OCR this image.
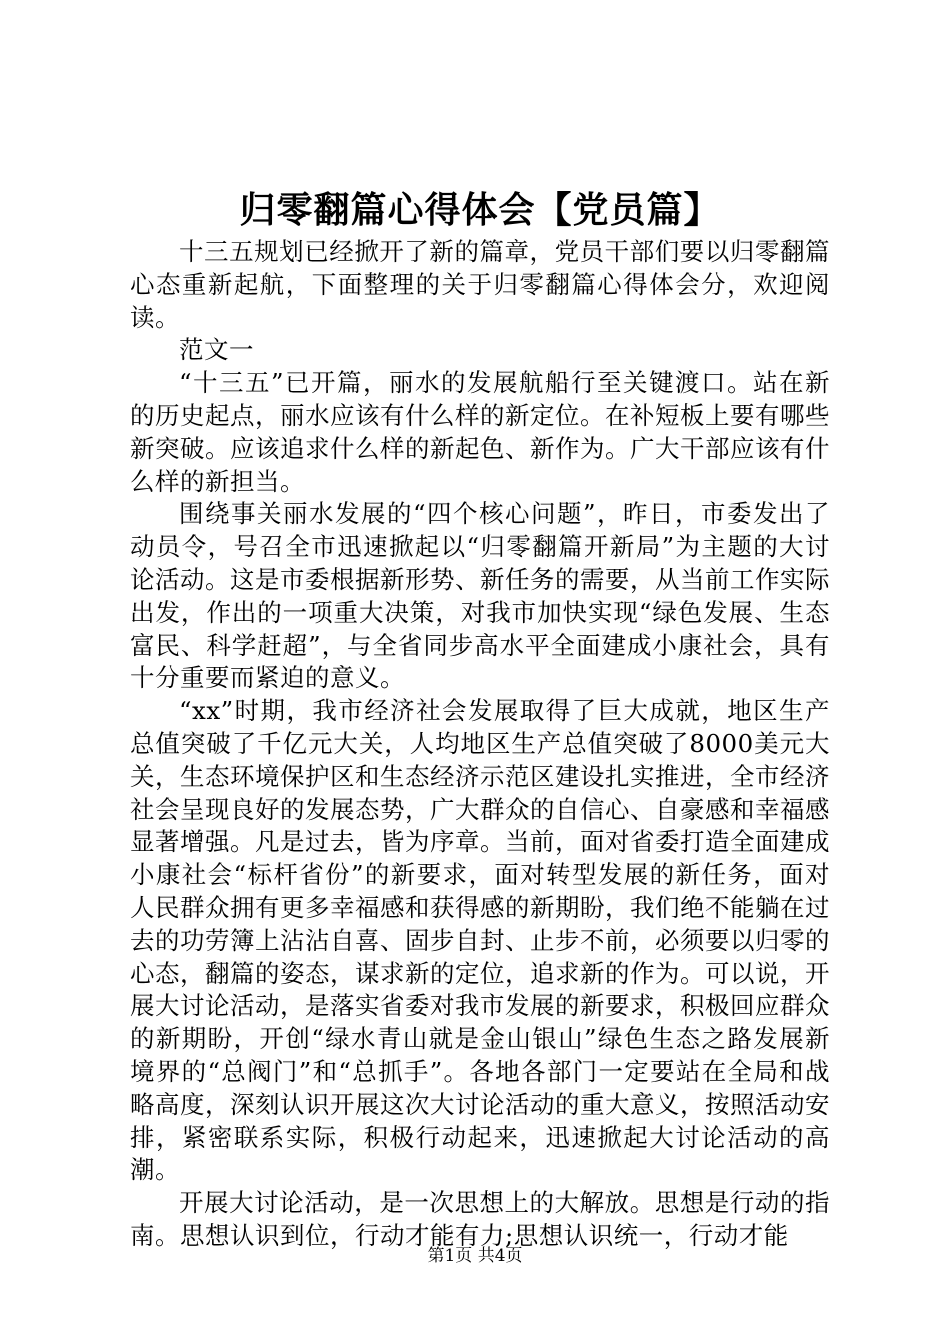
归零翻篇心得体会【党员篇】

十三五规划已经掀开了新的篇章，党员干部们要以归零翻篇心态重新起航，下面整理的关于归零翻篇心得体会分，欢迎阅读。

范文一

“十三五”已开篇，丽水的发展航船行至关键渡口。站在新的历史起点，丽水应该有什么样的新定位。在补短板上要有哪些新突破。应该追求什么样的新起色、新作为。广大干部应该有什么样的新担当。

围绕事关丽水发展的“四个核心问题”，昨日，市委发出了动员令，号召全市迅速掀起以“归零翻篇开新局”为主题的大讨论活动。这是市委根据新形势、新任务的需要，从当前工作实际出发，作出的一项重大决策，对我市加快实现“绿色发展、生态富民、科学赶超”，与全省同步高水平全面建成小康社会，具有十分重要而紧迫的意义。

“xx”时期，我市经济社会发展取得了巨大成就，地区生产总值突破了千亿元大关，人均地区生产总值突破了8000美元大关，生态环境保护区和生态经济示范区建设扎实推进，全市经济社会呈现良好的发展态势，广大群众的自信心、自豪感和幸福感显著增强。凡是过去，皆为序章。当前，面对省委打造全面建成小康社会“标杆省份”的新要求，面对转型发展的新任务，面对人民群众拥有更多幸福感和获得感的新期盼，我们绝不能躺在过去的功劳簿上沾沾自喜、固步自封、止步不前，必须要以归零的心态，翻篇的姿态，谋求新的定位，追求新的作为。可以说，开展大讨论活动，是落实省委对我市发展的新要求，积极回应群众的新期盼，开创“绿水青山就是金山银山”绿色生态之路发展新境界的“总阀门”和“总抓手”。各地各部门一定要站在全局和战略高度，深刻认识开展这次大讨论活动的重大意义，按照活动安排，紧密联系实际，积极行动起来，迅速掀起大讨论活动的高潮。

开展大讨论活动，是一次思想上的大解放。思想是行动的指南。思想认识到位，行动才能有力;思想认识统一，行动才能

第1页 共4页
